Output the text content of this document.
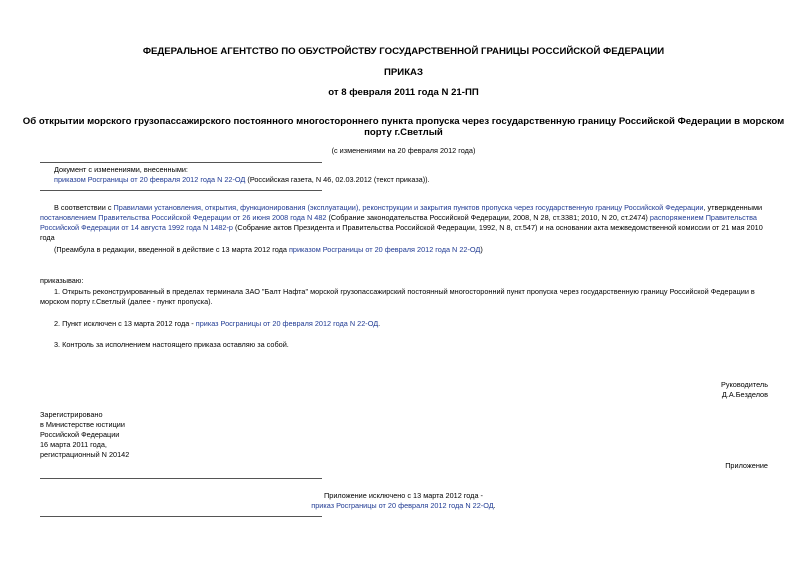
ФЕДЕРАЛЬНОЕ АГЕНТСТВО ПО ОБУСТРОЙСТВУ ГОСУДАРСТВЕННОЙ ГРАНИЦЫ РОССИЙСКОЙ ФЕДЕРАЦИИ
ПРИКАЗ
от 8 февраля 2011 года N 21-ПП
Об открытии морского грузопассажирского постоянного многостороннего пункта пропуска через государственную границу Российской Федерации в морском
порту г.Светлый
(с изменениями на 20 февраля 2012 года)
Документ с изменениями, внесенными:
приказом Росграницы от 20 февраля 2012 года N 22-ОД (Российская газета, N 46, 02.03.2012 (текст приказа)).
В соответствии с Правилами установления, открытия, функционирования (эксплуатации), реконструкции и закрытия пунктов пропуска через государственную границу Российской Федерации, утвержденными
постановлением Правительства Российской Федерации от 26 июня 2008 года N 482 (Собрание законодательства Российской Федерации, 2008, N 28, ст.3381; 2010, N 20, ст.2474) распоряжением Правительства
Российской Федерации от 14 августа 1992 года N 1482-р (Собрание актов Президента и Правительства Российской Федерации, 1992, N 8, ст.547) и на основании акта межведомственной комиссии от 21 мая 2010
года
(Преамбула в редакции, введенной в действие с 13 марта 2012 года приказом Росграницы от 20 февраля 2012 года N 22-ОД)
приказываю:
1. Открыть реконструированный в пределах терминала ЗАО "Балт Нафта" морской грузопассажирский постоянный многосторонний пункт пропуска через государственную границу Российской Федерации в
морском порту г.Светлый (далее - пункт пропуска).
2. Пункт исключен с 13 марта 2012 года - приказ Росграницы от 20 февраля 2012 года N 22-ОД.
3. Контроль за исполнением настоящего приказа оставляю за собой.
Руководитель
Д.А.Безделов
Зарегистрировано
в Министерстве юстиции
Российской Федерации
16 марта 2011 года,
регистрационный N 20142
Приложение
Приложение исключено с 13 марта 2012 года -
приказ Росграницы от 20 февраля 2012 года N 22-ОД.
